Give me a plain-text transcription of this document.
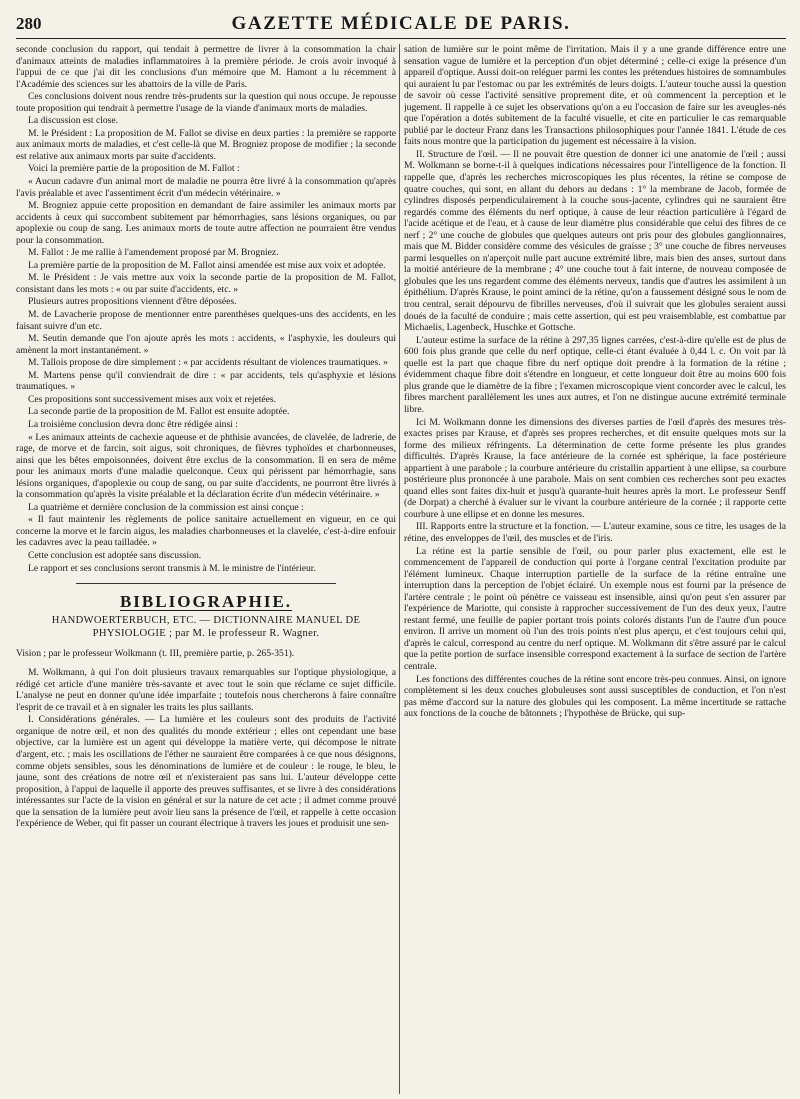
280	GAZETTE MÉDICALE DE PARIS.

seconde conclusion du rapport, qui tendait à permettre de livrer à la consommation la chair d'animaux atteints de maladies inflammatoires à la première période. Je crois avoir invoqué à l'appui de ce que j'ai dit les conclusions d'un mémoire que M. Hamont a lu récemment à l'Académie des sciences sur les abattoirs de la ville de Paris.

Ces conclusions doivent nous rendre très-prudents sur la question qui nous occupe. Je repousse toute proposition qui tendrait à permettre l'usage de la viande d'animaux morts de maladies.

La discussion est close.

M. le Président : La proposition de M. Fallot se divise en deux parties : la première se rapporte aux animaux morts de maladies, et c'est celle-là que M. Brogniez propose de modifier ; la seconde est relative aux animaux morts par suite d'accidents.

Voici la première partie de la proposition de M. Fallot :

« Aucun cadavre d'un animal mort de maladie ne pourra être livré à la consommation qu'après l'avis préalable et avec l'assentiment écrit d'un médecin vétérinaire. »

M. Brogniez appuie cette proposition en demandant de faire assimiler les animaux morts par accidents à ceux qui succombent subitement par hémorrhagies, sans lésions organiques, ou par apoplexie ou coup de sang. Les animaux morts de toute autre affection ne pourraient être vendus pour la consommation.

M. Fallot : Je me rallie à l'amendement proposé par M. Brogniez.

La première partie de la proposition de M. Fallot ainsi amendée est mise aux voix et adoptée.

M. le Président : Je vais mettre aux voix la seconde partie de la proposition de M. Fallot, consistant dans les mots : « ou par suite d'accidents, etc. »

Plusieurs autres propositions viennent d'être déposées.

M. de Lavacherie propose de mentionner entre parenthèses quelques-uns des accidents, en les faisant suivre d'un etc.

M. Seutin demande que l'on ajoute après les mots : accidents, « l'asphyxie, les douleurs qui amènent la mort instantanément. »

M. Tallois propose de dire simplement : « par accidents résultant de violences traumatiques. »

M. Martens pense qu'il conviendrait de dire : « par accidents, tels qu'asphyxie et lésions traumatiques. »

Ces propositions sont successivement mises aux voix et rejetées.

La seconde partie de la proposition de M. Fallot est ensuite adoptée.

La troisième conclusion devra donc être rédigée ainsi :

« Les animaux atteints de cachexie aqueuse et de phthisie avancées, de clavelée, de ladrerie, de rage, de morve et de farcin, soit aigus, soit chroniques, de fièvres typhoïdes et charbonneuses, ainsi que les bêtes empoisonnées, doivent être exclus de la consommation. Il en sera de même pour les animaux morts d'une maladie quelconque. Ceux qui périssent par hémorrhagie, sans lésions organiques, d'apoplexie ou coup de sang, ou par suite d'accidents, ne pourront être livrés à la consommation qu'après la visite préalable et la déclaration écrite d'un médecin vétérinaire. »

La quatrième et dernière conclusion de la commission est ainsi conçue :

« Il faut maintenir les règlements de police sanitaire actuellement en vigueur, en ce qui concerne la morve et le farcin aigus, les maladies charbonneuses et la clavelée, c'est-à-dire enfouir les cadavres avec la peau tailladée. »

Cette conclusion est adoptée sans discussion.

Le rapport et ses conclusions seront transmis à M. le ministre de l'intérieur.

BIBLIOGRAPHIE.
HANDWOERTERBUCH, ETC. — DICTIONNAIRE MANUEL DE PHYSIOLOGIE ; par M. le professeur R. Wagner.

Vision ; par le professeur Wolkmann (t. III, première partie, p. 265-351).

M. Wolkmann, à qui l'on doit plusieurs travaux remarquables sur l'optique physiologique, a rédigé cet article d'une manière très-savante et avec tout le soin que réclame ce sujet difficile. L'analyse ne peut en donner qu'une idée imparfaite ; toutefois nous chercherons à faire connaître l'esprit de ce travail et à en signaler les traits les plus saillants.

I. Considérations générales. — La lumière et les couleurs sont des produits de l'activité organique de notre œil, et non des qualités du monde extérieur ; elles ont cependant une base objective, car la lumière est un agent qui développe la matière verte, qui décompose le nitrate d'argent, etc. ; mais les oscillations de l'éther ne sauraient être comparées à ce que nous désignons, comme objets sensibles, sous les dénominations de lumière et de couleur : le rouge, le bleu, le jaune, sont des créations de notre œil et n'existeraient pas sans lui. L'auteur développe cette proposition, à l'appui de laquelle il apporte des preuves suffisantes, et se livre à des considérations intéressantes sur l'acte de la vision en général et sur la nature de cet acte ; il admet comme prouvé que la sensation de la lumière peut avoir lieu sans la présence de l'œil, et rappelle à cette occasion l'expérience de Weber, qui fit passer un courant électrique à travers les joues et produisit une sen-

sation de lumière sur le point même de l'irritation. Mais il y a une grande différence entre une sensation vague de lumière et la perception d'un objet déterminé ; celle-ci exige la présence d'un appareil d'optique. Aussi doit-on reléguer parmi les contes les prétendues histoires de somnambules qui auraient lu par l'estomac ou par les extrémités de leurs doigts. L'auteur touche aussi la question de savoir où cesse l'activité sensitive proprement dite, et où commencent la perception et le jugement. Il rappelle à ce sujet les observations qu'on a eu l'occasion de faire sur les aveugles-nés que l'opération a dotés subitement de la faculté visuelle, et cite en particulier le cas remarquable publié par le docteur Franz dans les Transactions philosophiques pour l'année 1841. L'étude de ces faits nous montre que la participation du jugement est nécessaire à la vision.

II. Structure de l'œil. — Il ne pouvait être question de donner ici une anatomie de l'œil ; aussi M. Wolkmann se borne-t-il à quelques indications nécessaires pour l'intelligence de la fonction. Il rappelle que, d'après les recherches microscopiques les plus récentes, la rétine se compose de quatre couches, qui sont, en allant du dehors au dedans : 1° la membrane de Jacob, formée de cylindres disposés perpendiculairement à la couche sous-jacente, cylindres qui ne sauraient être regardés comme des éléments du nerf optique, à cause de leur réaction particulière à l'égard de l'acide acétique et de l'eau, et à cause de leur diamètre plus considérable que celui des fibres de ce nerf ; 2° une couche de globules que quelques auteurs ont pris pour des globules ganglionnaires, mais que M. Bidder considère comme des vésicules de graisse ; 3° une couche de fibres nerveuses parmi lesquelles on n'aperçoit nulle part aucune extrémité libre, mais bien des anses, surtout dans la moitié antérieure de la membrane ; 4° une couche tout à fait interne, de nouveau composée de globules que les uns regardent comme des éléments nerveux, tandis que d'autres les assimilent à un épithélium. D'après Krause, le point aminci de la rétine, qu'on a faussement désigné sous le nom de trou central, serait dépourvu de fibrilles nerveuses, d'où il suivrait que les globules seraient aussi doués de la faculté de conduire ; mais cette assertion, qui est peu vraisemblable, est combattue par Michaelis, Lagenbeck, Huschke et Gottsche.

L'auteur estime la surface de la rétine à 297,35 lignes carrées, c'est-à-dire qu'elle est de plus de 600 fois plus grande que celle du nerf optique, celle-ci étant évaluée à 0,44 l. c. On voit par là quelle est la part que chaque fibre du nerf optique doit prendre à la formation de la rétine ; évidemment chaque fibre doit s'étendre en longueur, et cette longueur doit être au moins 600 fois plus grande que le diamètre de la fibre ; l'examen microscopique vient concorder avec le calcul, les fibres marchent parallèlement les unes aux autres, et l'on ne distingue aucune extrémité terminale libre.

Ici M. Wolkmann donne les dimensions des diverses parties de l'œil d'après des mesures très-exactes prises par Krause, et d'après ses propres recherches, et dit ensuite quelques mots sur la forme des milieux réfringents. La détermination de cette forme présente les plus grandes difficultés. D'après Krause, la face antérieure de la cornée est sphérique, la face postérieure appartient à une parabole ; la courbure antérieure du cristallin appartient à une ellipse, sa courbure postérieure plus prononcée à une parabole. Mais on sent combien ces recherches sont peu exactes quand elles sont faites dix-huit et jusqu'à quarante-huit heures après la mort. Le professeur Senff (de Dorpat) a cherché à évaluer sur le vivant la courbure antérieure de la cornée ; il rapporte cette courbure à une ellipse et en donne les mesures.

III. Rapports entre la structure et la fonction. — L'auteur examine, sous ce titre, les usages de la rétine, des enveloppes de l'œil, des muscles et de l'iris.

La rétine est la partie sensible de l'œil, ou pour parler plus exactement, elle est le commencement de l'appareil de conduction qui porte à l'organe central l'excitation produite par l'élément lumineux. Chaque interruption partielle de la surface de la rétine entraîne une interruption dans la perception de l'objet éclairé. Un exemple nous est fourni par la présence de l'artère centrale ; le point où pénètre ce vaisseau est insensible, ainsi qu'on peut s'en assurer par l'expérience de Mariotte, qui consiste à rapprocher successivement de l'un des deux yeux, l'autre restant fermé, une feuille de papier portant trois points colorés distants l'un de l'autre d'un pouce environ. Il arrive un moment où l'un des trois points n'est plus aperçu, et c'est toujours celui qui, d'après le calcul, correspond au centre du nerf optique. M. Wolkmann dit s'être assuré par le calcul que la petite portion de surface insensible correspond exactement à la surface de section de l'artère centrale.

Les fonctions des différentes couches de la rétine sont encore très-peu connues. Ainsi, on ignore complètement si les deux couches globuleuses sont aussi susceptibles de conduction, et l'on n'est pas même d'accord sur la nature des globules qui les composent. La même incertitude se rattache aux fonctions de la couche de bâtonnets ; l'hypothèse de Brücke, qui sup-
